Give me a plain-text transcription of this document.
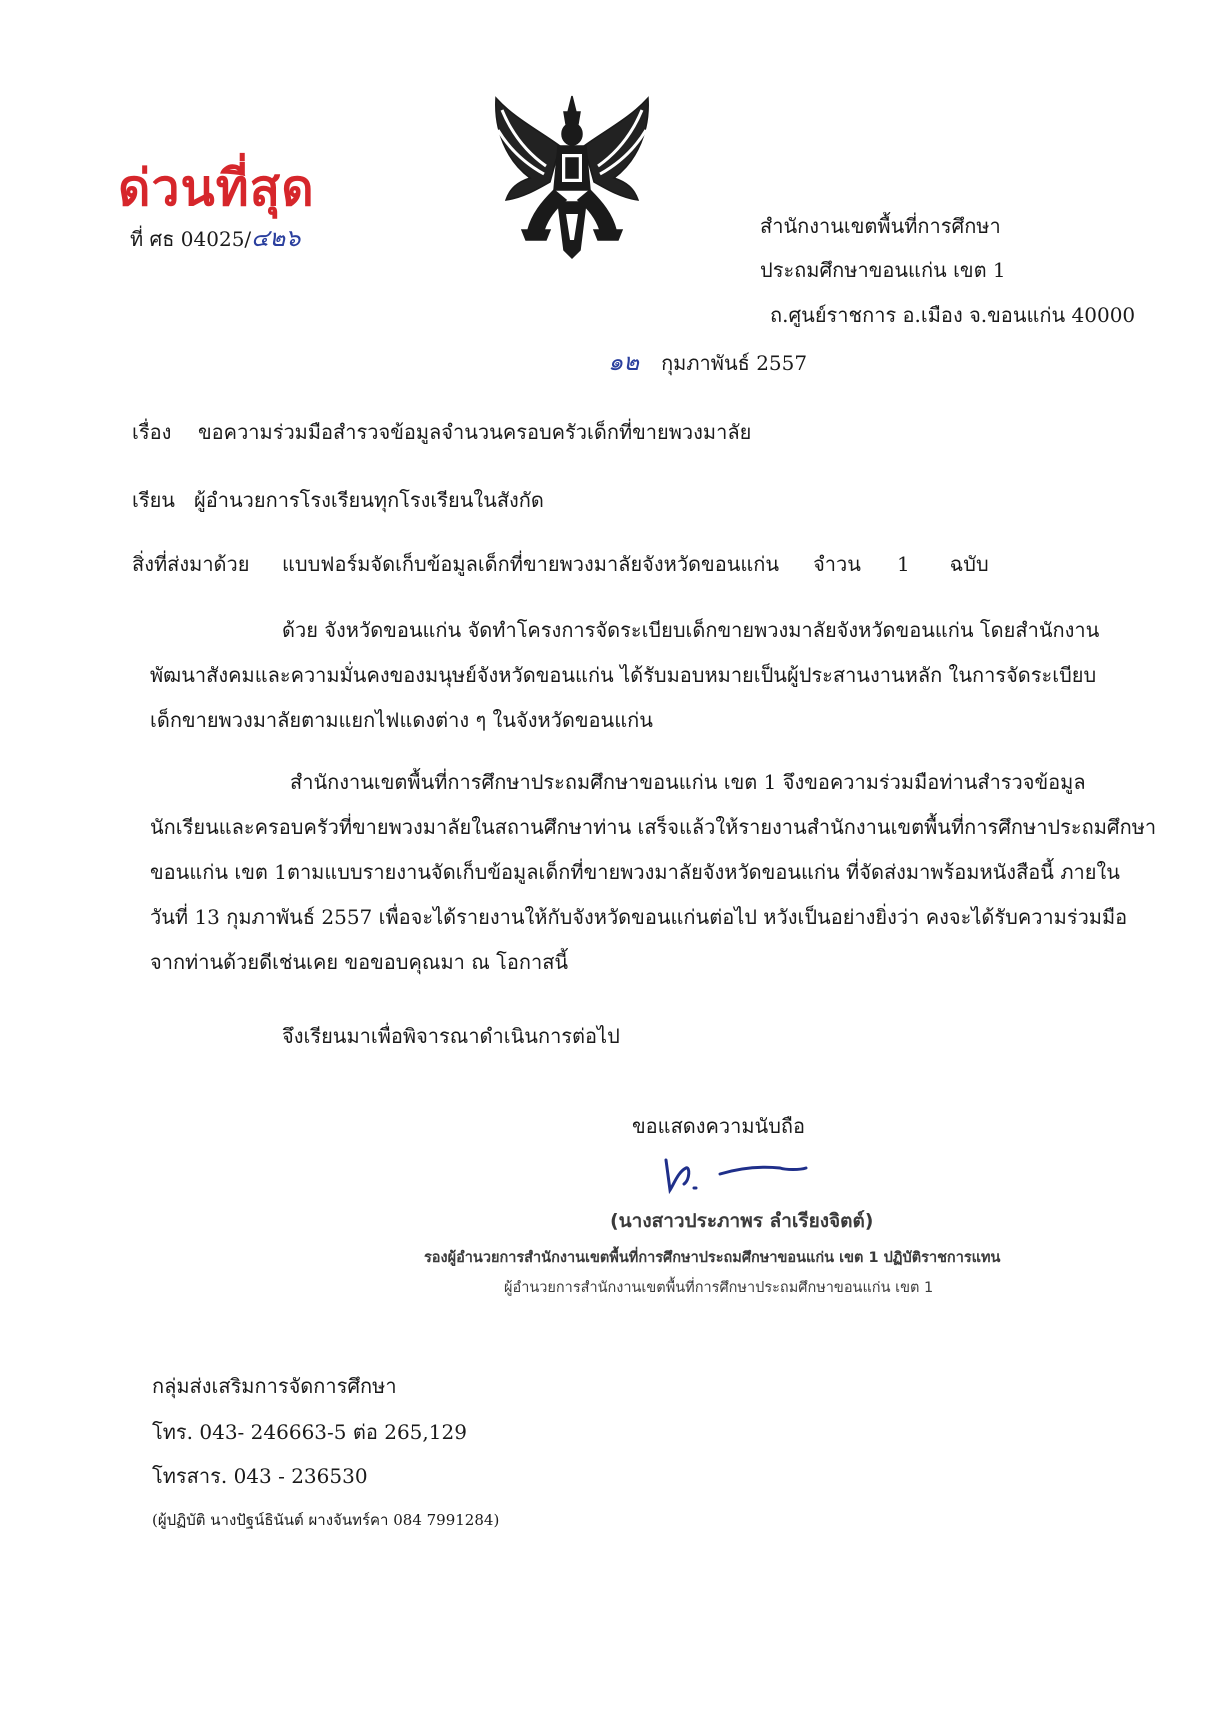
ด่วนที่สุด
ที่ ศธ 04025/๔๒๖	สำนักงานเขตพื้นที่การศึกษา
ประถมศึกษาขอนแก่น เขต 1
ถ.ศูนย์ราชการ อ.เมือง จ.ขอนแก่น 40000
๑๒ กุมภาพันธ์ 2557
เรื่อง ขอความร่วมมือสำรวจข้อมูลจำนวนครอบครัวเด็กที่ขายพวงมาลัย
เรียน ผู้อำนวยการโรงเรียนทุกโรงเรียนในสังกัด
สิ่งที่ส่งมาด้วย แบบฟอร์มจัดเก็บข้อมูลเด็กที่ขายพวงมาลัยจังหวัดขอนแก่น จำวน 1 ฉบับ
ด้วย จังหวัดขอนแก่น จัดทำโครงการจัดระเบียบเด็กขายพวงมาลัยจังหวัดขอนแก่น โดยสำนักงาน
พัฒนาสังคมและความมั่นคงของมนุษย์จังหวัดขอนแก่น ได้รับมอบหมายเป็นผู้ประสานงานหลัก ในการจัดระเบียบ
เด็กขายพวงมาลัยตามแยกไฟแดงต่าง ๆ ในจังหวัดขอนแก่น
สำนักงานเขตพื้นที่การศึกษาประถมศึกษาขอนแก่น เขต 1 จึงขอความร่วมมือท่านสำรวจข้อมูล
นักเรียนและครอบครัวที่ขายพวงมาลัยในสถานศึกษาท่าน เสร็จแล้วให้รายงานสำนักงานเขตพื้นที่การศึกษาประถมศึกษา
ขอนแก่น เขต 1ตามแบบรายงานจัดเก็บข้อมูลเด็กที่ขายพวงมาลัยจังหวัดขอนแก่น ที่จัดส่งมาพร้อมหนังสือนี้ ภายใน
วันที่ 13 กุมภาพันธ์ 2557 เพื่อจะได้รายงานให้กับจังหวัดขอนแก่นต่อไป หวังเป็นอย่างยิ่งว่า คงจะได้รับความร่วมมือ
จากท่านด้วยดีเช่นเคย ขอขอบคุณมา ณ โอกาสนี้
จึงเรียนมาเพื่อพิจารณาดำเนินการต่อไป
ขอแสดงความนับถือ
(นางสาวประภาพร ลำเรียงจิตต์)
รองผู้อำนวยการสำนักงานเขตพื้นที่การศึกษาประถมศึกษาขอนแก่น เขต 1 ปฏิบัติราชการแทน
ผู้อำนวยการสำนักงานเขตพื้นที่การศึกษาประถมศึกษาขอนแก่น เขต 1
กลุ่มส่งเสริมการจัดการศึกษา
โทร. 043- 246663-5 ต่อ 265,129
โทรสาร. 043 - 236530
(ผู้ปฏิบัติ นางปัฐน์ธินันต์ ผางจันทร์คา 084 7991284)
